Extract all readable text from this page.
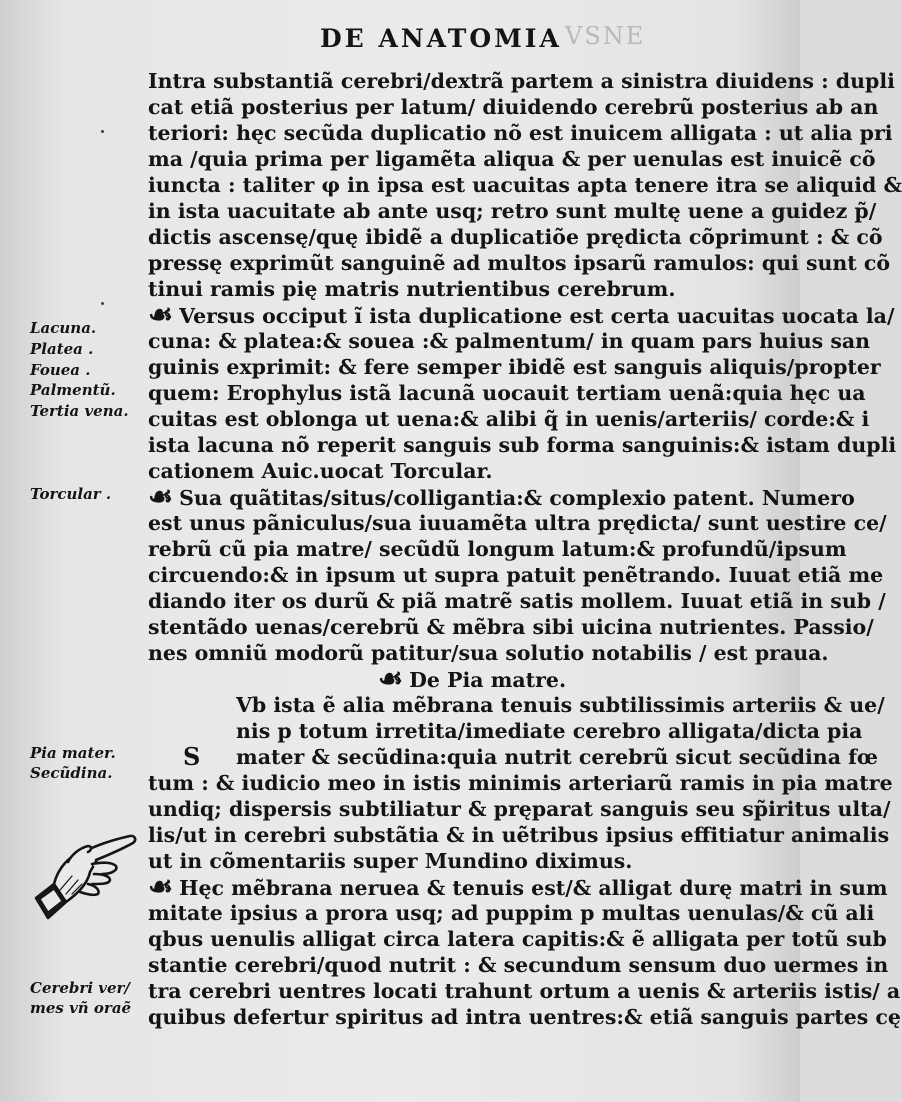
DE ANATOMIA VSNE
Intra substantiã cerebri/dextrã partem a sinistra diuidens : dupli
cat etiã posterius per latum/ diuidendo cerebrũ posterius ab an
teriori: hęc secũda duplicatio nõ est inuicem alligata : ut alia pri
ma /quia prima per ligamẽta aliqua & per uenulas est inuicẽ cõ
iuncta : taliter φ in ipsa est uacuitas apta tenere itra se aliquid &
in ista uacuitate ab ante usq; retro sunt multę uene a guidez p̃/
dictis ascensę/quę ibidẽ a duplicatiõe prędicta cõprimunt : & cõ
pressę exprimũt sanguinẽ ad multos ipsarũ ramulos: qui sunt cõ
tinui ramis pię matris nutrientibus cerebrum.
☙ Versus occiput ĩ ista duplicatione est certa uacuitas uocata la/
cuna: & platea:& souea :& palmentum/ in quam pars huius san
guinis exprimit: & fere semper ibidẽ est sanguis aliquis/propter
quem: Erophylus istã lacunã uocauit tertiam uenã:quia hęc ua
cuitas est oblonga ut uena:& alibi q̃ in uenis/arteriis/ corde:& i
ista lacuna nõ reperit sanguis sub forma sanguinis:& istam dupli
cationem Auic.uocat Torcular.
☙ Sua quãtitas/situs/colligantia:& complexio patent. Numero
est unus pãniculus/sua iuuamẽta ultra prędicta/ sunt uestire ce/
rebrũ cũ pia matre/ secũdũ longum latum:& profundũ/ipsum
circuendo:& in ipsum ut supra patuit penẽtrando. Iuuat etiã me
diando iter os durũ & piã matrẽ satis mollem. Iuuat etiã in sub /
stentãdo uenas/cerebrũ & mẽbra sibi uicina nutrientes. Passio/
nes omniũ modorũ patitur/sua solutio notabilis / est praua.
☙ De Pia matre.
Vb ista ẽ alia mẽbrana tenuis subtilissimis arteriis & ue/
nis p totum irretita/imediate cerebro alligata/dicta pia
mater & secũdina:quia nutrit cerebrũ sicut secũdina fœ
tum : & iudicio meo in istis minimis arteriarũ ramis in pia matre
undiq; dispersis subtiliatur & pręparat sanguis seu sp̃iritus ulta/
lis/ut in cerebri substãtia & in uẽtribus ipsius effitiatur animalis
ut in cõmentariis super Mundino diximus.
☙ Hęc mẽbrana neruea & tenuis est/& alligat durę matri in sum
mitate ipsius a prora usq; ad puppim p multas uenulas/& cũ ali
qbus uenulis alligat circa latera capitis:& ẽ alligata per totũ sub
stantie cerebri/quod nutrit : & secundum sensum duo uermes in
tra cerebri uentres locati trahunt ortum a uenis & arteriis istis/ a
quibus defertur spiritus ad intra uentres:& etiã sanguis partes cę
S
Lacuna.
Platea .
Fouea .
Palmentũ.
Tertia vena.
Torcular .
Pia mater.
Secũdina.
Cerebri ver/
mes vñ oraẽ
